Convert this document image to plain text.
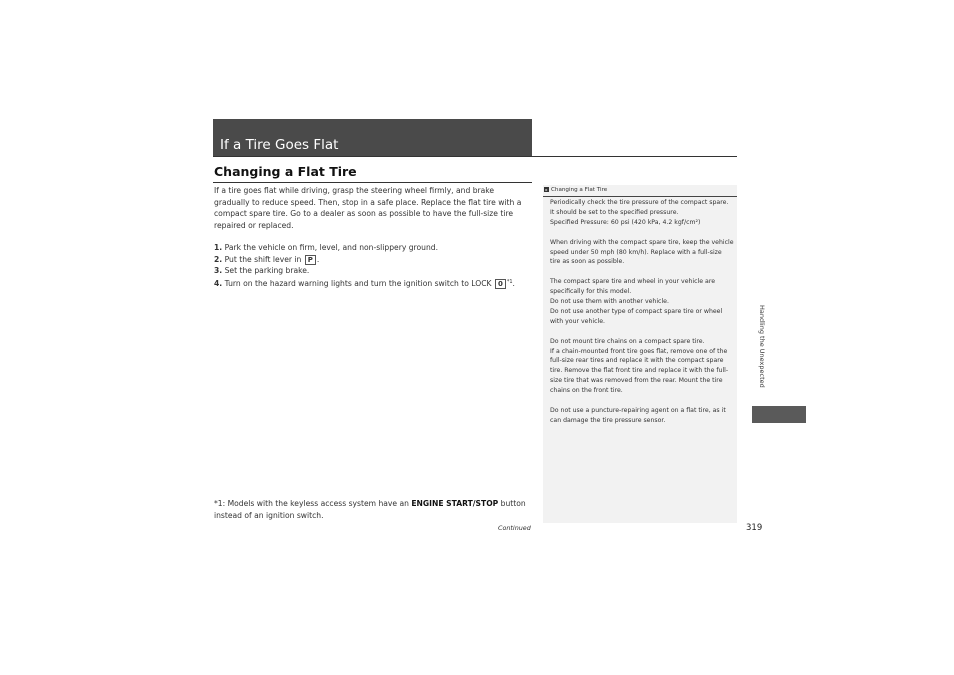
If a Tire Goes Flat
Changing a Flat Tire
If a tire goes flat while driving, grasp the steering wheel firmly, and brake gradually to reduce speed. Then, stop in a safe place. Replace the flat tire with a compact spare tire. Go to a dealer as soon as possible to have the full-size tire repaired or replaced.
1. Park the vehicle on firm, level, and non-slippery ground.
2. Put the shift lever in P .
3. Set the parking brake.
4. Turn on the hazard warning lights and turn the ignition switch to LOCK 0 $^{*1}$.
▸ Changing a Flat Tire
Periodically check the tire pressure of the compact spare. It should be set to the specified pressure.
Specified Pressure: 60 psi (420 kPa, 4.2 kgf/cm²)
When driving with the compact spare tire, keep the vehicle speed under 50 mph (80 km/h). Replace with a full-size tire as soon as possible.
The compact spare tire and wheel in your vehicle are specifically for this model.
Do not use them with another vehicle.
Do not use another type of compact spare tire or wheel with your vehicle.
Do not mount tire chains on a compact spare tire.
If a chain-mounted front tire goes flat, remove one of the full-size rear tires and replace it with the compact spare tire. Remove the flat front tire and replace it with the full-size tire that was removed from the rear. Mount the tire chains on the front tire.
Do not use a puncture-repairing agent on a flat tire, as it can damage the tire pressure sensor.
*1: Models with the keyless access system have an ENGINE START/STOP button instead of an ignition switch.
Continued	319
Handling the Unexpected
